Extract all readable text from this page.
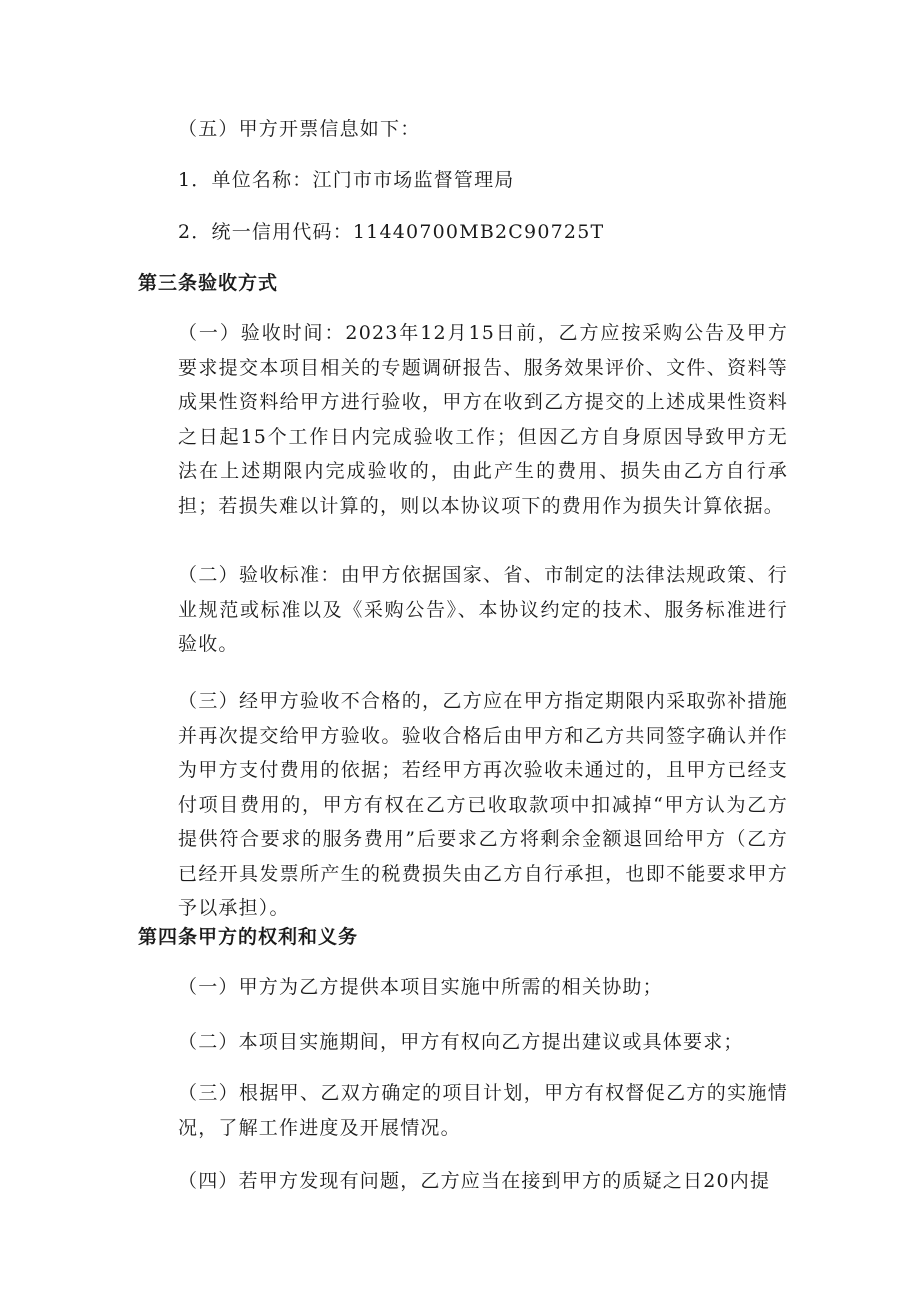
（五）甲方开票信息如下：
1．单位名称：江门市市场监督管理局
2．统一信用代码：11440700MB2C90725T
第三条验收方式
（一）验收时间：2023年12月15日前，乙方应按采购公告及甲方要求提交本项目相关的专题调研报告、服务效果评价、文件、资料等成果性资料给甲方进行验收，甲方在收到乙方提交的上述成果性资料之日起15个工作日内完成验收工作；但因乙方自身原因导致甲方无法在上述期限内完成验收的，由此产生的费用、损失由乙方自行承担；若损失难以计算的，则以本协议项下的费用作为损失计算依据。
（二）验收标准：由甲方依据国家、省、市制定的法律法规政策、行业规范或标准以及《采购公告》、本协议约定的技术、服务标准进行验收。
（三）经甲方验收不合格的，乙方应在甲方指定期限内采取弥补措施并再次提交给甲方验收。验收合格后由甲方和乙方共同签字确认并作为甲方支付费用的依据；若经甲方再次验收未通过的，且甲方已经支付项目费用的，甲方有权在乙方已收取款项中扣减掉“甲方认为乙方提供符合要求的服务费用”后要求乙方将剩余金额退回给甲方（乙方已经开具发票所产生的税费损失由乙方自行承担，也即不能要求甲方予以承担）。
第四条甲方的权利和义务
（一）甲方为乙方提供本项目实施中所需的相关协助；
（二）本项目实施期间，甲方有权向乙方提出建议或具体要求；
（三）根据甲、乙双方确定的项目计划，甲方有权督促乙方的实施情况，了解工作进度及开展情况。
（四）若甲方发现有问题，乙方应当在接到甲方的质疑之日20内提
